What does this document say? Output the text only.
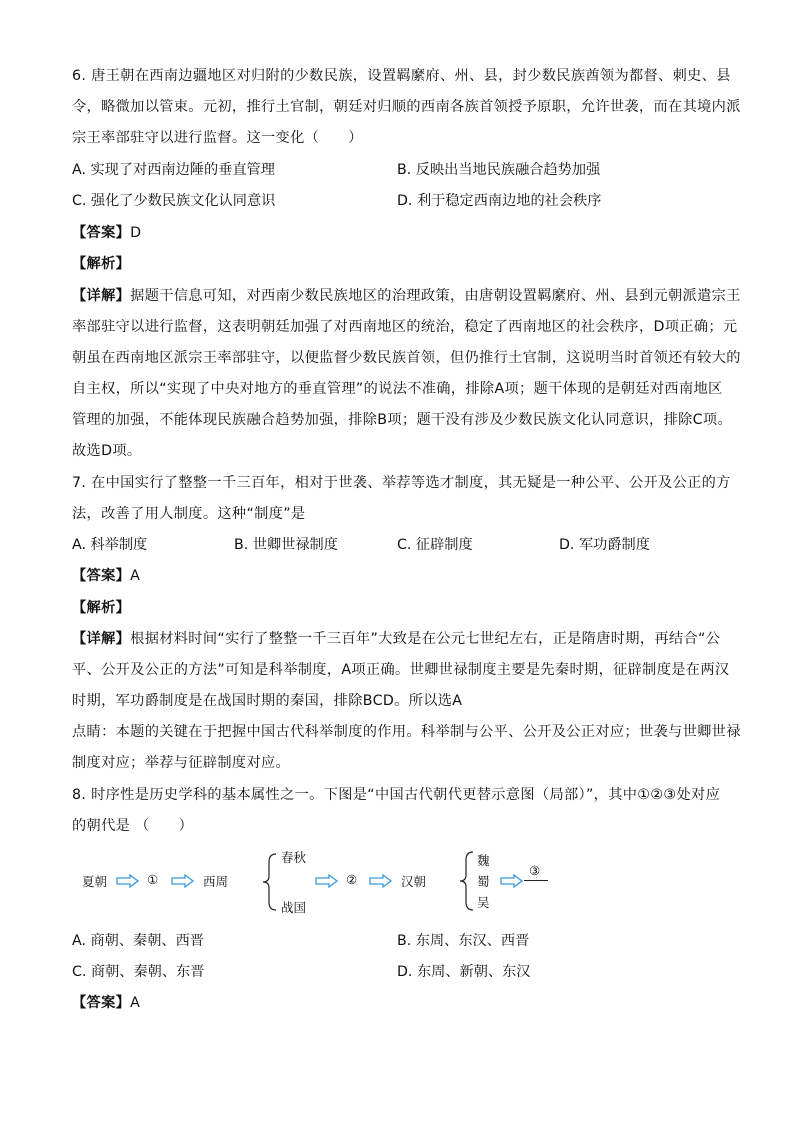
6. 唐王朝在西南边疆地区对归附的少数民族，设置羁縻府、州、县，封少数民族酋领为都督、刺史、县
令，略微加以管束。元初，推行土官制，朝廷对归顺的西南各族首领授予原职，允许世袭，而在其境内派
宗王率部驻守以进行监督。这一变化（　　）
A. 实现了对西南边陲的垂直管理	B. 反映出当地民族融合趋势加强
C. 强化了少数民族文化认同意识	D. 利于稳定西南边地的社会秩序
【答案】D
【解析】
【详解】据题干信息可知，对西南少数民族地区的治理政策，由唐朝设置羁縻府、州、县到元朝派遣宗王
率部驻守以进行监督，这表明朝廷加强了对西南地区的统治，稳定了西南地区的社会秩序，D项正确；元
朝虽在西南地区派宗王率部驻守，以便监督少数民族首领，但仍推行土官制，这说明当时首领还有较大的
自主权，所以“实现了中央对地方的垂直管理”的说法不准确，排除A项；题干体现的是朝廷对西南地区
管理的加强，不能体现民族融合趋势加强，排除B项；题干没有涉及少数民族文化认同意识，排除C项。
故选D项。
7. 在中国实行了整整一千三百年，相对于世袭、举荐等选才制度，其无疑是一种公平、公开及公正的方
法，改善了用人制度。这种“制度”是
A. 科举制度	B. 世卿世禄制度	C. 征辟制度	D. 军功爵制度
【答案】A
【解析】
【详解】根据材料时间“实行了整整一千三百年”大致是在公元七世纪左右，正是隋唐时期，再结合“公
平、公开及公正的方法”可知是科举制度，A项正确。世卿世禄制度主要是先秦时期，征辟制度是在两汉
时期，军功爵制度是在战国时期的秦国，排除BCD。所以选A
点睛：本题的关键在于把握中国古代科举制度的作用。科举制与公平、公开及公正对应；世袭与世卿世禄
制度对应；举荐与征辟制度对应。
8. 时序性是历史学科的基本属性之一。下图是“中国古代朝代更替示意图（局部）”，其中①②③处对应
的朝代是 （　　）
夏朝	①	西周
春秋
战国
②	汉朝
魏
蜀
吴
③
A. 商朝、秦朝、西晋	B. 东周、东汉、西晋
C. 商朝、秦朝、东晋	D. 东周、新朝、东汉
【答案】A
